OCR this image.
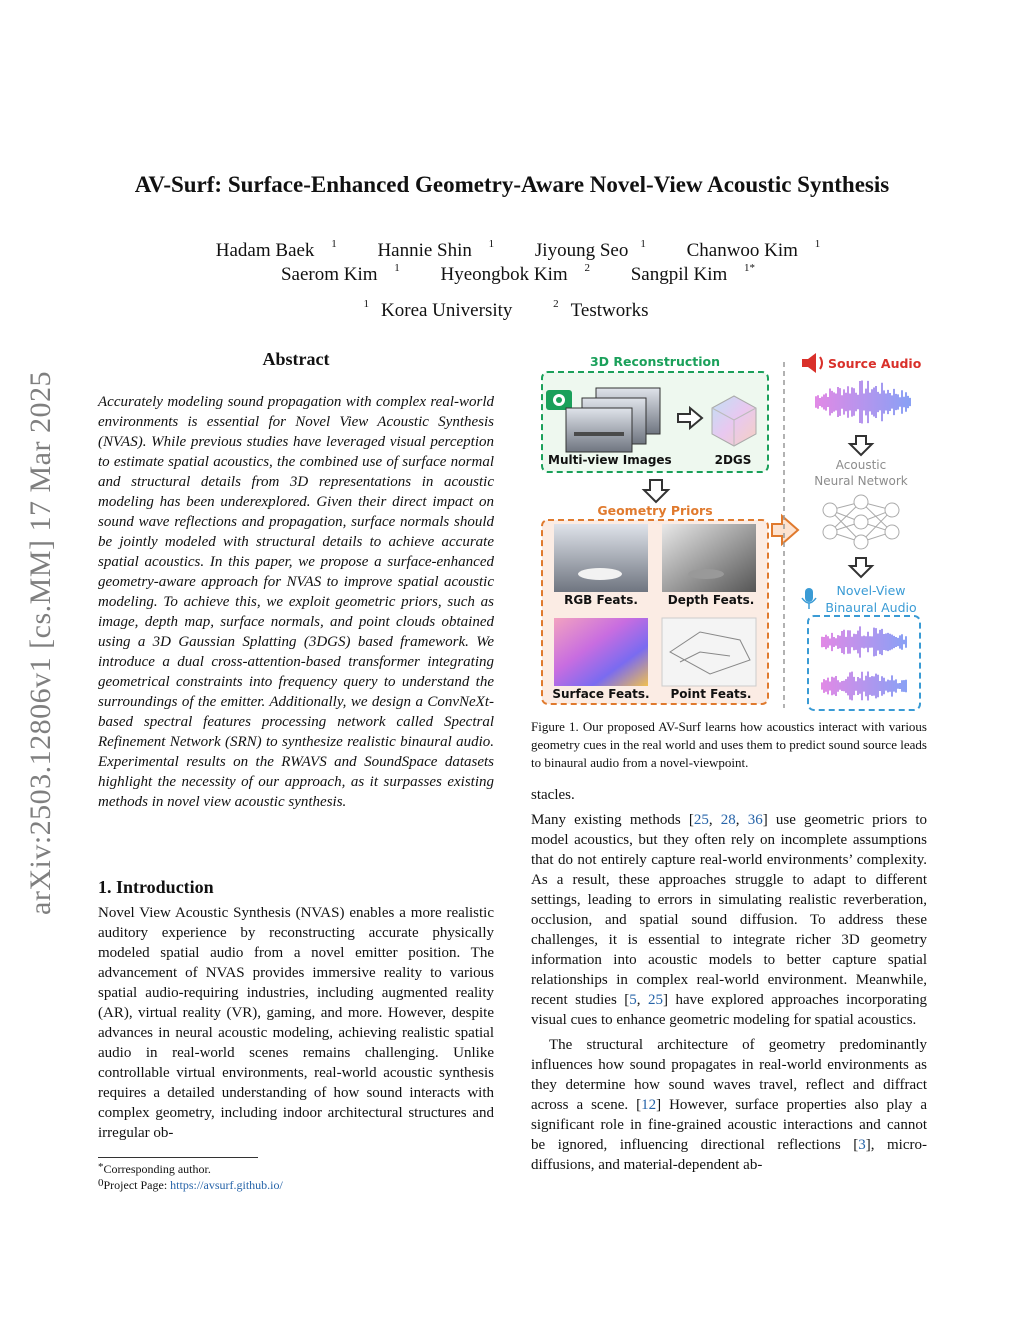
arXiv:2503.12806v1 [cs.MM] 17 Mar 2025
AV-Surf: Surface-Enhanced Geometry-Aware Novel-View Acoustic Synthesis
Hadam Baek $^1$ Hannie Shin $^1$ Jiyoung Seo $^1$ Chanwoo Kim $^1$
Saerom Kim $^1$ Hyeongbok Kim $^2$ Sangpil Kim $^{1*}$
$^1$ Korea University	$^2$ Testworks
Abstract
Accurately modeling sound propagation with complex real-world environments is essential for Novel View Acoustic Synthesis (NVAS). While previous studies have leveraged visual perception to estimate spatial acoustics, the combined use of surface normal and structural details from 3D representations in acoustic modeling has been underexplored. Given their direct impact on sound wave reflections and propagation, surface normals should be jointly modeled with structural details to achieve accurate spatial acoustics. In this paper, we propose a surface-enhanced geometry-aware approach for NVAS to improve spatial acoustic modeling. To achieve this, we exploit geometric priors, such as image, depth map, surface normals, and point clouds obtained using a 3D Gaussian Splatting (3DGS) based framework. We introduce a dual cross-attention-based transformer integrating geometrical constraints into frequency query to understand the surroundings of the emitter. Additionally, we design a ConvNeXt-based spectral features processing network called Spectral Refinement Network (SRN) to synthesize realistic binaural audio. Experimental results on the RWAVS and SoundSpace datasets highlight the necessity of our approach, as it surpasses existing methods in novel view acoustic synthesis.
1. Introduction
Novel View Acoustic Synthesis (NVAS) enables a more realistic auditory experience by reconstructing accurate physically modeled spatial audio from a novel emitter position. The advancement of NVAS provides immersive reality to various spatial audio-requiring industries, including augmented reality (AR), virtual reality (VR), gaming, and more. However, despite advances in neural acoustic modeling, achieving realistic spatial audio in real-world scenes remains challenging. Unlike controllable virtual environments, real-world acoustic synthesis requires a detailed understanding of how sound interacts with complex geometry, including indoor architectural structures and irregular ob-
*Corresponding author.
$^0$Project Page: https://avsurf.github.io/
3D Reconstruction
Multi-view Images	2DGS
Geometry Priors
RGB Feats. Depth Feats.
Surface Feats. Point Feats.
Source Audio
Acoustic
Neural Network
Novel-View
Binaural Audio
Figure 1. Our proposed AV-Surf learns how acoustics interact with various geometry cues in the real world and uses them to predict sound source leads to binaural audio from a novel-viewpoint.

stacles.

Many existing methods [25, 28, 36] use geometric priors to model acoustics, but they often rely on incomplete assumptions that do not entirely capture real-world environments’ complexity. As a result, these approaches struggle to adapt to different settings, leading to errors in simulating realistic reverberation, occlusion, and spatial sound diffusion. To address these challenges, it is essential to integrate richer 3D geometry information into acoustic models to better capture spatial relationships in complex real-world environment. Meanwhile, recent studies [5, 25] have explored approaches incorporating visual cues to enhance geometric modeling for spatial acoustics.

The structural architecture of geometry predominantly influences how sound propagates in real-world environments as they determine how sound waves travel, reflect and diffract across a scene. [12] However, surface properties also play a significant role in fine-grained acoustic interactions and cannot be ignored, influencing directional reflections [3], micro-diffusions, and material-dependent ab-
